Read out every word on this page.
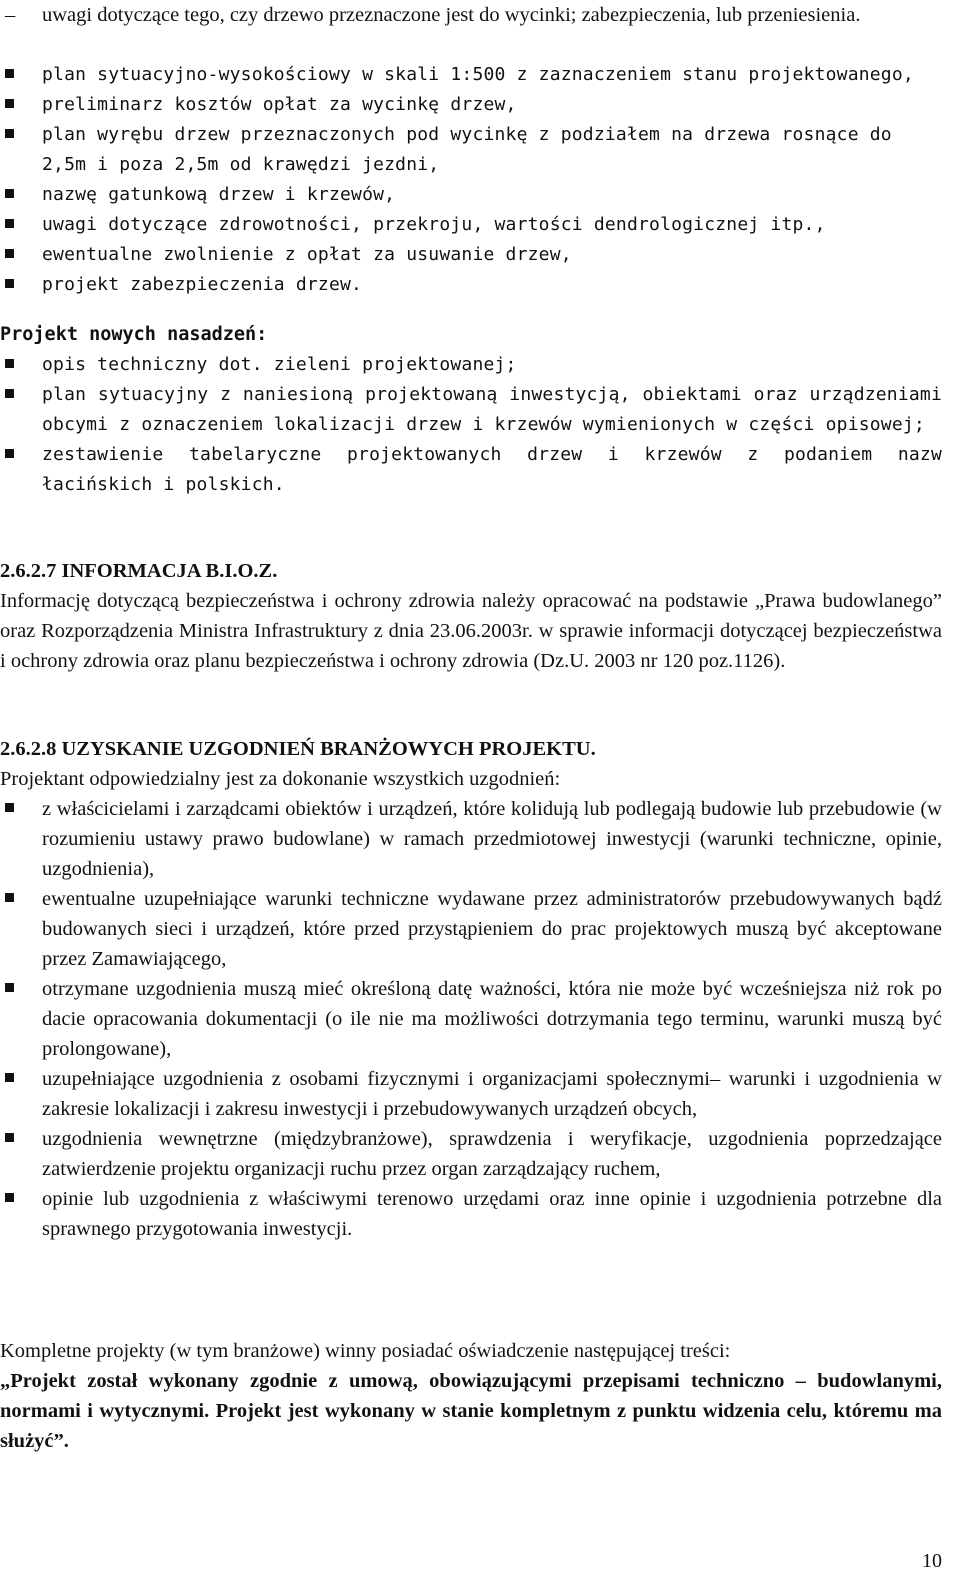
– uwagi dotyczące tego, czy drzewo przeznaczone jest do wycinki; zabezpieczenia, lub przeniesienia.
plan sytuacyjno-wysokościowy w skali 1:500 z zaznaczeniem stanu projektowanego,
preliminarz kosztów opłat za wycinkę drzew,
plan wyrębu drzew przeznaczonych pod wycinkę z podziałem na drzewa rosnące do 2,5m i poza 2,5m od krawędzi jezdni,
nazwę gatunkową drzew i krzewów,
uwagi dotyczące zdrowotności, przekroju, wartości dendrologicznej itp.,
ewentualne zwolnienie z opłat za usuwanie drzew,
projekt zabezpieczenia drzew.
Projekt nowych nasadzeń:
opis techniczny dot. zieleni projektowanej;
plan sytuacyjny z naniesioną projektowaną inwestycją, obiektami oraz urządzeniami obcymi z oznaczeniem lokalizacji drzew i krzewów wymienionych w części opisowej;
zestawienie tabelaryczne projektowanych drzew i krzewów z podaniem nazw łacińskich i polskich.
2.6.2.7 INFORMACJA B.I.O.Z.
Informację dotyczącą bezpieczeństwa i ochrony zdrowia należy opracować na podstawie „Prawa budowlanego” oraz Rozporządzenia Ministra Infrastruktury z dnia 23.06.2003r. w sprawie informacji dotyczącej bezpieczeństwa i ochrony zdrowia oraz planu bezpieczeństwa i ochrony zdrowia (Dz.U. 2003 nr 120 poz.1126).
2.6.2.8 UZYSKANIE UZGODNIEŃ BRANŻOWYCH PROJEKTU.
Projektant odpowiedzialny jest za dokonanie wszystkich uzgodnień:
z właścicielami i zarządcami obiektów i urządzeń, które kolidują lub podlegają budowie lub przebudowie (w rozumieniu ustawy prawo budowlane) w ramach przedmiotowej inwestycji (warunki techniczne, opinie, uzgodnienia),
ewentualne uzupełniające warunki techniczne wydawane przez administratorów przebudowywanych bądź budowanych sieci i urządzeń, które przed przystąpieniem do prac projektowych muszą być akceptowane przez Zamawiającego,
otrzymane uzgodnienia muszą mieć określoną datę ważności, która nie może być wcześniejsza niż rok po dacie opracowania dokumentacji (o ile nie ma możliwości dotrzymania tego terminu, warunki muszą być prolongowane),
uzupełniające uzgodnienia z osobami fizycznymi i organizacjami społecznymi– warunki i uzgodnienia w zakresie lokalizacji i zakresu inwestycji i przebudowywanych urządzeń obcych,
uzgodnienia wewnętrzne (międzybranżowe), sprawdzenia i weryfikacje, uzgodnienia poprzedzające zatwierdzenie projektu organizacji ruchu przez organ zarządzający ruchem,
opinie lub uzgodnienia z właściwymi terenowo urzędami oraz inne opinie i uzgodnienia potrzebne dla sprawnego przygotowania inwestycji.
Kompletne projekty (w tym branżowe) winny posiadać oświadczenie następującej treści:
„Projekt został wykonany zgodnie z umową, obowiązującymi przepisami techniczno – budowlanymi, normami i wytycznymi. Projekt jest wykonany w stanie kompletnym z punktu widzenia celu, któremu ma służyć”.
10
